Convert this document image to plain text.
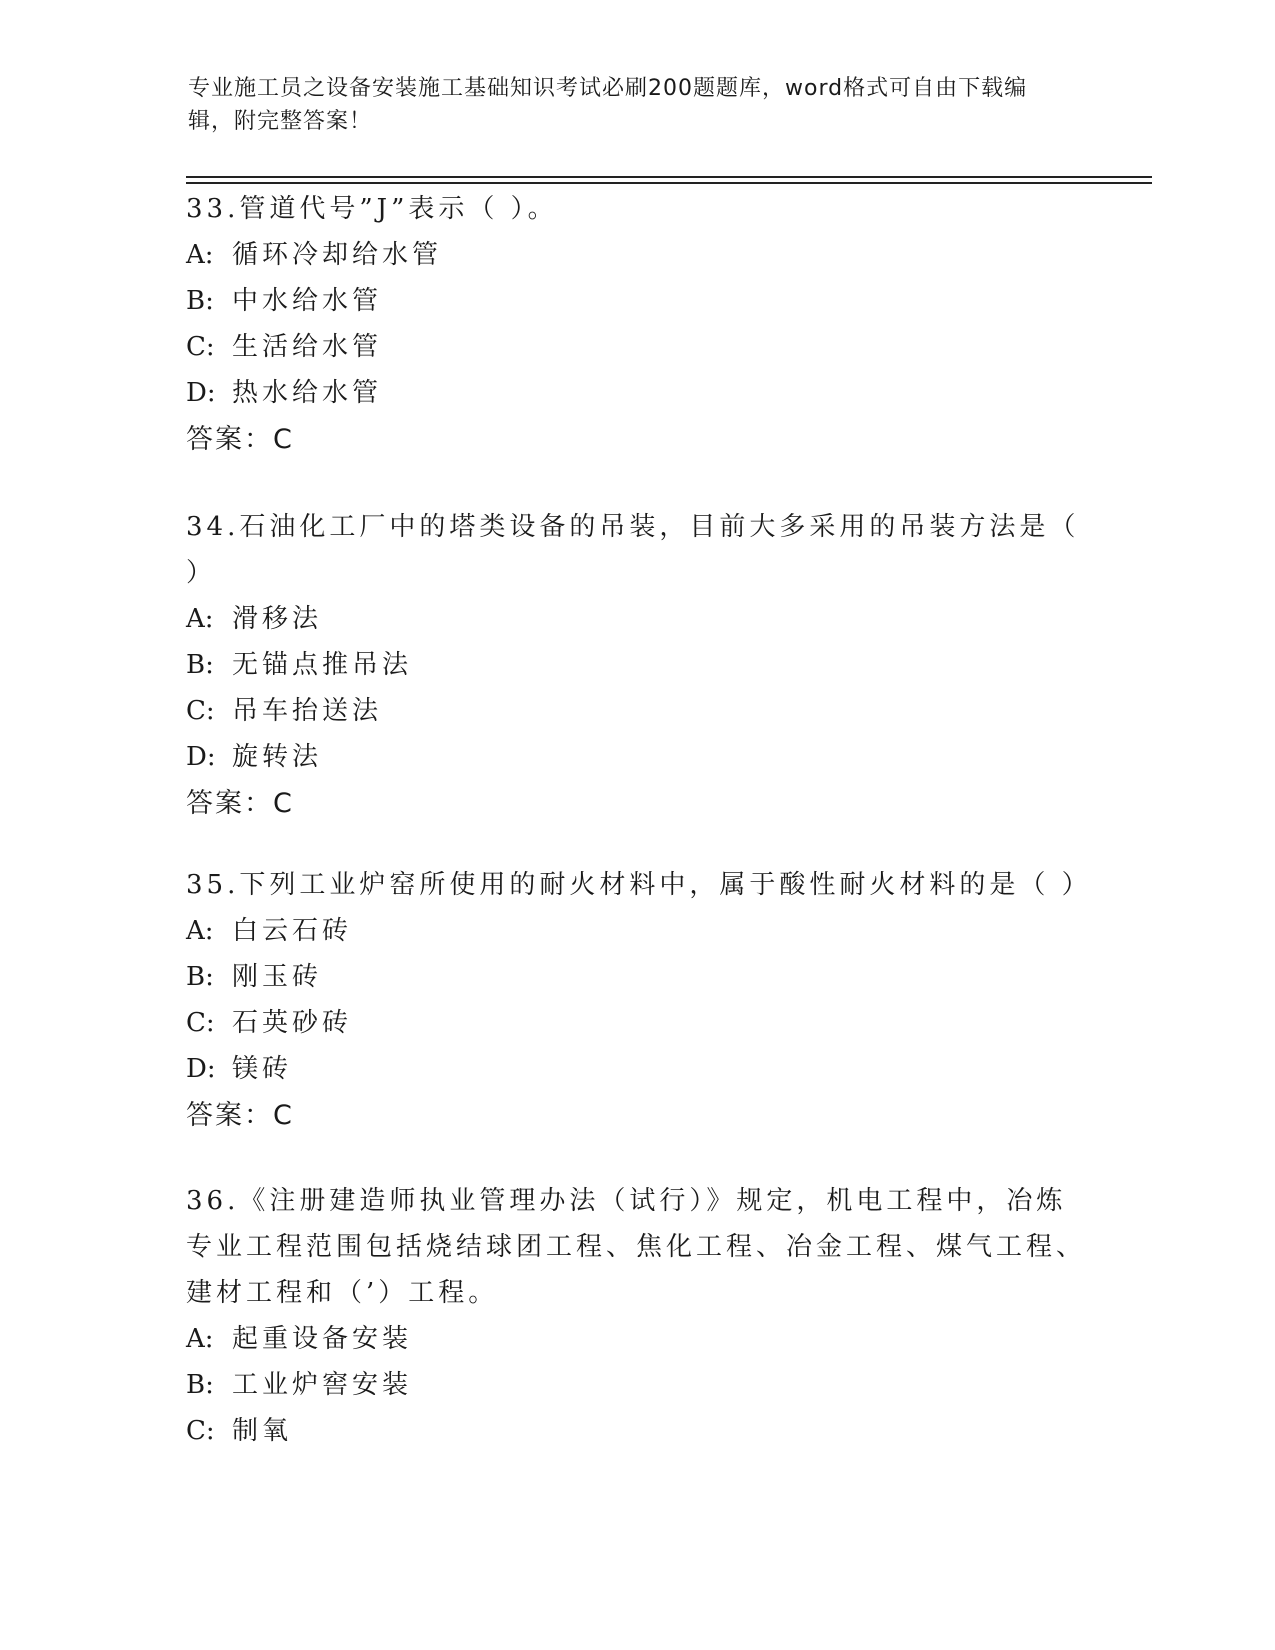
专业施工员之设备安装施工基础知识考试必刷200题题库，word格式可自由下载编辑，附完整答案！

33.管道代号”J”表示（ ）。

A: 循环冷却给水管
B: 中水给水管
C: 生活给水管
D: 热水给水管

答案：C

34.石油化工厂中的塔类设备的吊装，目前大多采用的吊装方法是（ ）

A: 滑移法
B: 无锚点推吊法
C: 吊车抬送法
D: 旋转法

答案：C

35.下列工业炉窑所使用的耐火材料中，属于酸性耐火材料的是（ ）

A: 白云石砖
B: 刚玉砖
C: 石英砂砖
D: 镁砖

答案：C

36.《注册建造师执业管理办法（试行）》规定，机电工程中，冶炼专业工程范围包括烧结球团工程、焦化工程、冶金工程、煤气工程、建材工程和（’）工程。

A: 起重设备安装
B: 工业炉窖安装
C: 制氧
